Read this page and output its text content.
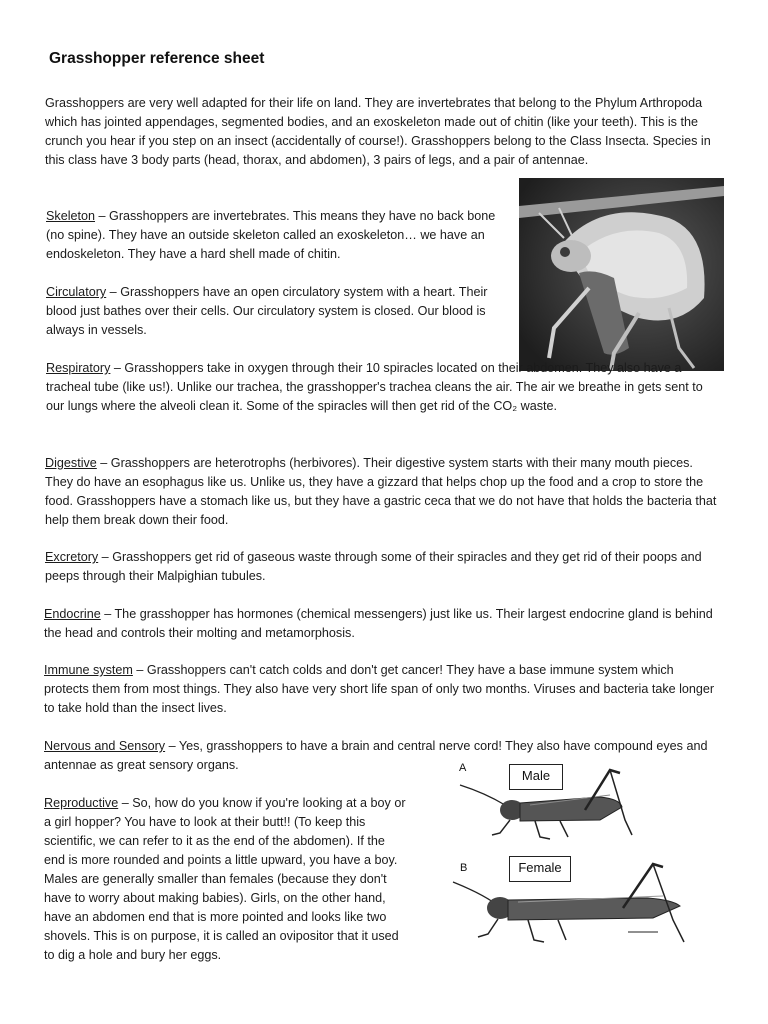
Grasshopper reference sheet

Grasshoppers are very well adapted for their life on land. They are invertebrates that belong to the Phylum Arthropoda which has jointed appendages, segmented bodies, and an exoskeleton made out of chitin (like your teeth). This is the crunch you hear if you step on an insect (accidentally of course!). Grasshoppers belong to the Class Insecta. Species in this class have 3 body parts (head, thorax, and abdomen), 3 pairs of legs, and a pair of antennae.

Skeleton – Grasshoppers are invertebrates. This means they have no back bone (no spine). They have an outside skeleton called an exoskeleton… we have an endoskeleton. They have a hard shell made of chitin.

Circulatory – Grasshoppers have an open circulatory system with a heart. Their blood just bathes over their cells. Our circulatory system is closed. Our blood is always in vessels.

Respiratory – Grasshoppers take in oxygen through their 10 spiracles located on their abdomen. They also have a tracheal tube (like us!). Unlike our trachea, the grasshopper's trachea cleans the air. The air we breathe in gets sent to our lungs where the alveoli clean it. Some of the spiracles will then get rid of the CO₂ waste.

Digestive – Grasshoppers are heterotrophs (herbivores). Their digestive system starts with their many mouth pieces. They do have an esophagus like us. Unlike us, they have a gizzard that helps chop up the food and a crop to store the food. Grasshoppers have a stomach like us, but they have a gastric ceca that we do not have that holds the bacteria that help them break down their food.

Excretory – Grasshoppers get rid of gaseous waste through some of their spiracles and they get rid of their poops and peeps through their Malpighian tubules.

Endocrine – The grasshopper has hormones (chemical messengers) just like us. Their largest endocrine gland is behind the head and controls their molting and metamorphosis.

Immune system – Grasshoppers can't catch colds and don't get cancer! They have a base immune system which protects them from most things. They also have very short life span of only two months. Viruses and bacteria take longer to take hold than the insect lives.

Nervous and Sensory – Yes, grasshoppers to have a brain and central nerve cord! They also have compound eyes and antennae as great sensory organs.

Reproductive – So, how do you know if you're looking at a boy or a girl hopper? You have to look at their butt!! (To keep this scientific, we can refer to it as the end of the abdomen). If the end is more rounded and points a little upward, you have a boy. Males are generally smaller than females (because they don't have to worry about making babies). Girls, on the other hand, have an abdomen end that is more pointed and looks like two shovels. This is on purpose, it is called an ovipositor that it used to dig a hole and bury her eggs.

A	Male
B	Female
